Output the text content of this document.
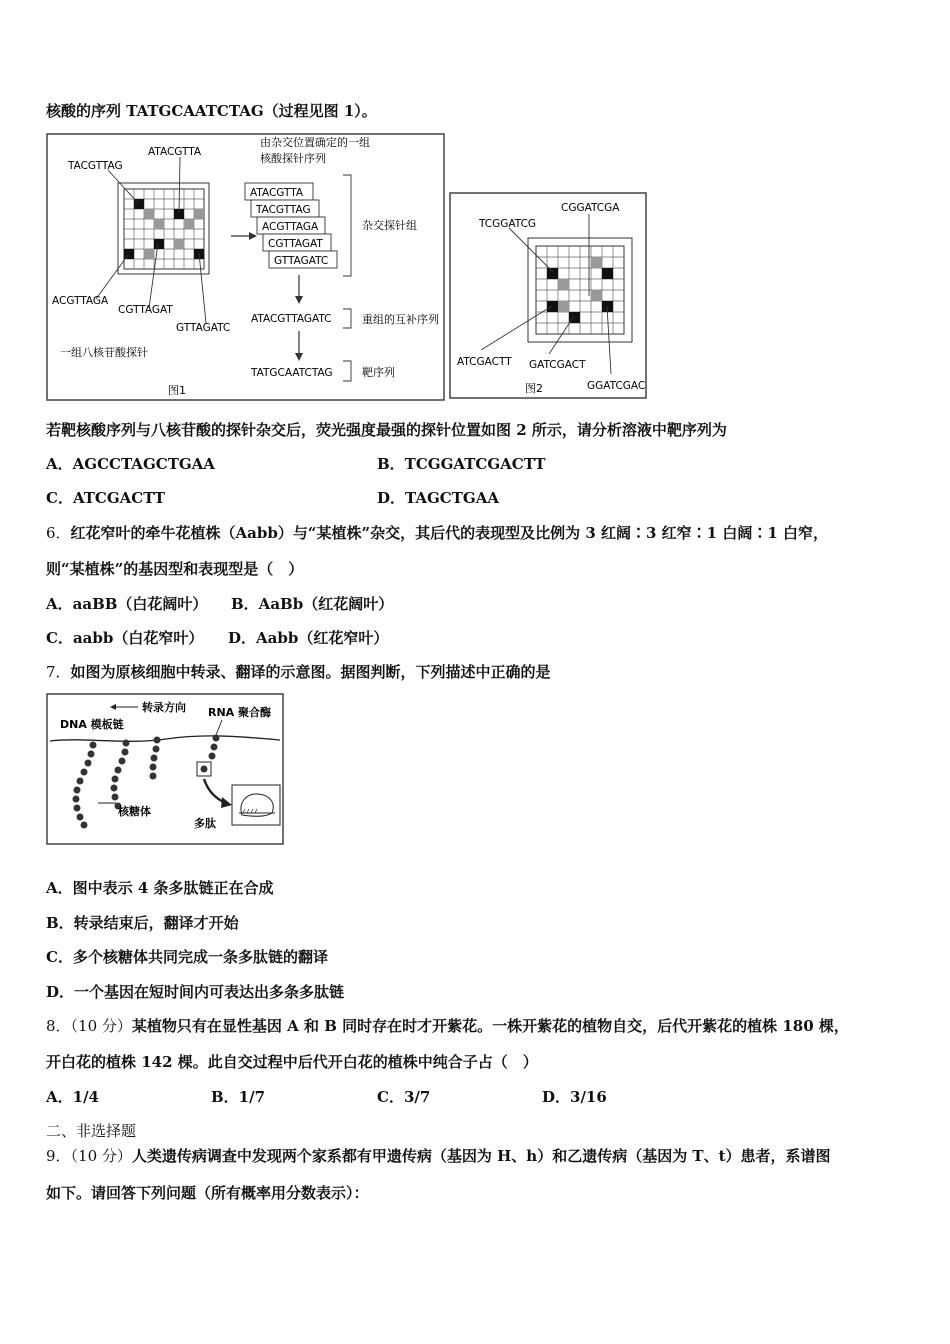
核酸的序列 TATGCAATCTAG（过程见图 1）。
TACGTTAG
ATACGTTA
ACGTTAGA
CGTTAGAT
GTTAGATC
一组八核苷酸探针
由杂交位置确定的一组
核酸探针序列
ATACGTTA
TACGTTAG
ACGTTAGA
CGTTAGAT
GTTAGATC
杂交探针组
ATACGTTAGATC	重组的互补序列
TATGCAATCTAG	靶序列
图1
TCGGATCG
CGGATCGA
ATCGACTT GATCGACT
GGATCGAC
图2
若靶核酸序列与八核苷酸的探针杂交后，荧光强度最强的探针位置如图 2 所示，请分析溶液中靶序列为
A．AGCCTAGCTGAA	B．TCGGATCGACTT
C．ATCGACTT	D．TAGCTGAA
6．红花窄叶的牵牛花植株（Aabb）与“某植株”杂交，其后代的表现型及比例为 3 红阔∶3 红窄∶1 白阔∶1 白窄，
则“某植株”的基因型和表现型是（　）
A．aaBB（白花阔叶） B．AaBb（红花阔叶）
C．aabb（白花窄叶） D．Aabb（红花窄叶）
7．如图为原核细胞中转录、翻译的示意图。据图判断，下列描述中正确的是
转录方向
DNA 模板链
RNA 聚合酶
核糖体
多肽
A．图中表示 4 条多肽链正在合成
B．转录结束后，翻译才开始
C．多个核糖体共同完成一条多肽链的翻译
D．一个基因在短时间内可表达出多条多肽链
8．（10 分）某植物只有在显性基因 A 和 B 同时存在时才开紫花。一株开紫花的植物自交，后代开紫花的植株 180 棵，
开白花的植株 142 棵。此自交过程中后代开白花的植株中纯合子占（　）
A．1/4	B．1/7	C．3/7	D．3/16
二、非选择题
9．（10 分）人类遗传病调查中发现两个家系都有甲遗传病（基因为 H、h）和乙遗传病（基因为 T、t）患者，系谱图
如下。请回答下列问题（所有概率用分数表示）：
